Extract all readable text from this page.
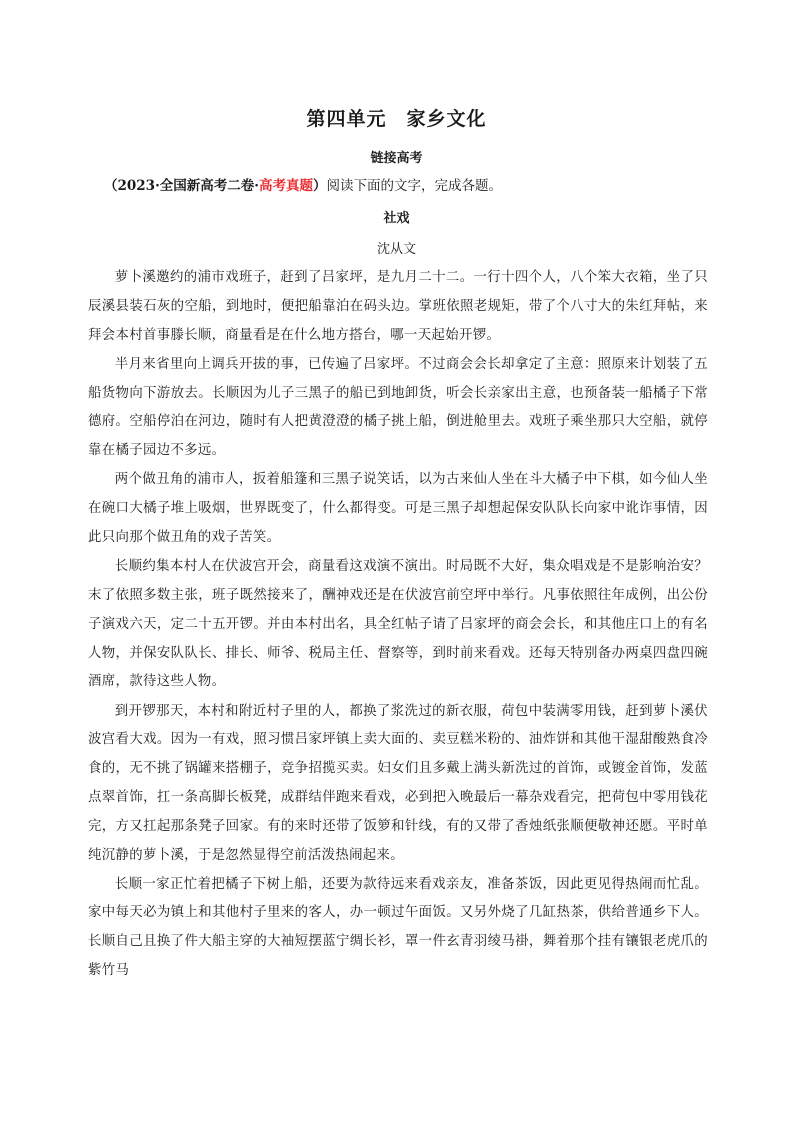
第四单元　家乡文化
链接高考
（2023·全国新高考二卷·高考真题）阅读下面的文字，完成各题。
社戏
沈从文

萝卜溪邀约的浦市戏班子，赶到了吕家坪，是九月二十二。一行十四个人，八个笨大衣箱，坐了只辰溪县装石灰的空船，到地时，便把船靠泊在码头边。掌班依照老规矩，带了个八寸大的朱红拜帖，来拜会本村首事滕长顺，商量看是在什么地方搭台，哪一天起始开锣。

半月来省里向上调兵开拔的事，已传遍了吕家坪。不过商会会长却拿定了主意：照原来计划装了五船货物向下游放去。长顺因为儿子三黑子的船已到地卸货，听会长亲家出主意，也预备装一船橘子下常德府。空船停泊在河边，随时有人把黄澄澄的橘子挑上船，倒进舱里去。戏班子乘坐那只大空船，就停靠在橘子园边不多远。

两个做丑角的浦市人，扳着船篷和三黑子说笑话，以为古来仙人坐在斗大橘子中下棋，如今仙人坐在碗口大橘子堆上吸烟，世界既变了，什么都得变。可是三黑子却想起保安队队长向家中讹诈事情，因此只向那个做丑角的戏子苦笑。

长顺约集本村人在伏波宫开会，商量看这戏演不演出。时局既不大好，集众唱戏是不是影响治安？末了依照多数主张，班子既然接来了，酬神戏还是在伏波宫前空坪中举行。凡事依照往年成例，出公份子演戏六天，定二十五开锣。并由本村出名，具全红帖子请了吕家坪的商会会长，和其他庄口上的有名人物，并保安队队长、排长、师爷、税局主任、督察等，到时前来看戏。还每天特别备办两桌四盘四碗酒席，款待这些人物。

到开锣那天，本村和附近村子里的人，都换了浆洗过的新衣服，荷包中装满零用钱，赶到萝卜溪伏波宫看大戏。因为一有戏，照习惯吕家坪镇上卖大面的、卖豆糕米粉的、油炸饼和其他干湿甜酸熟食冷食的，无不挑了锅罐来搭棚子，竞争招揽买卖。妇女们且多戴上满头新洗过的首饰，或镀金首饰，发蓝点翠首饰，扛一条高脚长板凳，成群结伴跑来看戏，必到把入晚最后一幕杂戏看完，把荷包中零用钱花完，方又扛起那条凳子回家。有的来时还带了饭箩和针线，有的又带了香烛纸张顺便敬神还愿。平时单纯沉静的萝卜溪，于是忽然显得空前活泼热闹起来。

长顺一家正忙着把橘子下树上船，还要为款待远来看戏亲友，准备茶饭，因此更见得热闹而忙乱。家中每天必为镇上和其他村子里来的客人，办一顿过午面饭。又另外烧了几缸热茶，供给普通乡下人。长顺自己且换了件大船主穿的大袖短摆蓝宁绸长衫，罩一件玄青羽绫马褂，舞着那个挂有镶银老虎爪的紫竹马
